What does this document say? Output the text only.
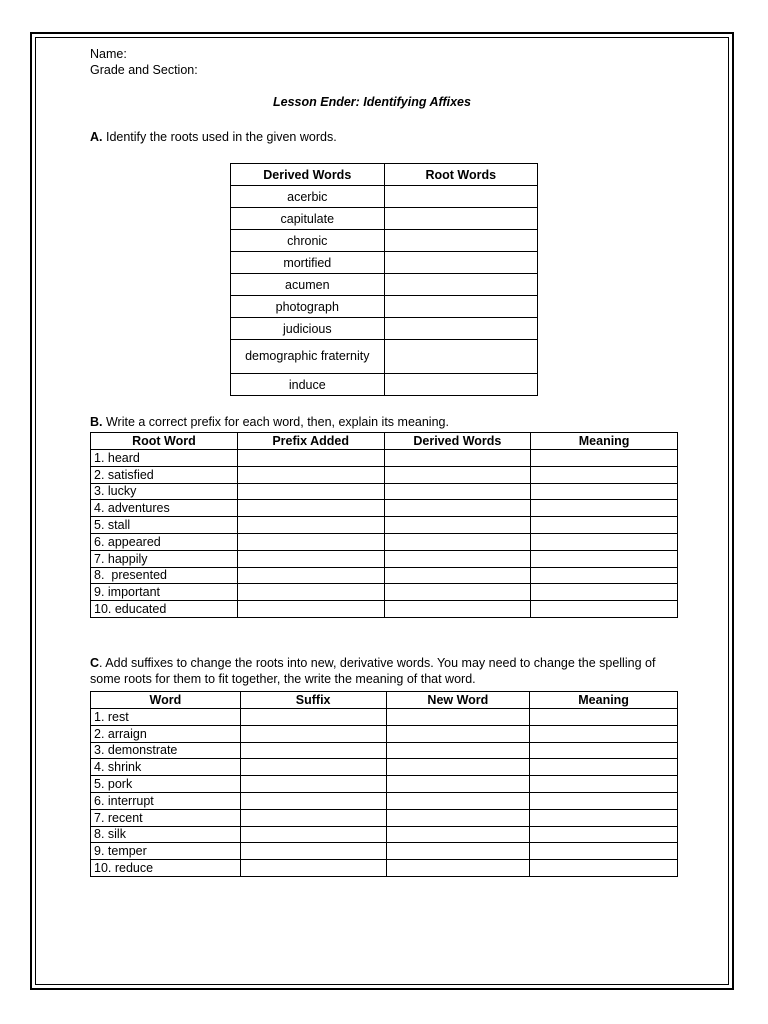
Name:
Grade and Section:
Lesson Ender: Identifying Affixes
A. Identify the roots used in the given words.
Derived Words	Root Words
acerbic	
capitulate	
chronic	
mortified	
acumen	
photograph	
judicious	
demographic fraternity	
induce	
B. Write a correct prefix for each word, then, explain its meaning.
Root Word	Prefix Added	Derived Words	Meaning
1. heard			
2. satisfied			
3. lucky			
4. adventures			
5. stall			
6. appeared			
7. happily			
8.  presented			
9. important			
10. educated			
C. Add suffixes to change the roots into new, derivative words. You may need to change the spelling of some roots for them to fit together, the write the meaning of that word.
Word	Suffix	New Word	Meaning
1. rest			
2. arraign			
3. demonstrate			
4. shrink			
5. pork			
6. interrupt			
7. recent			
8. silk			
9. temper			
10. reduce			
